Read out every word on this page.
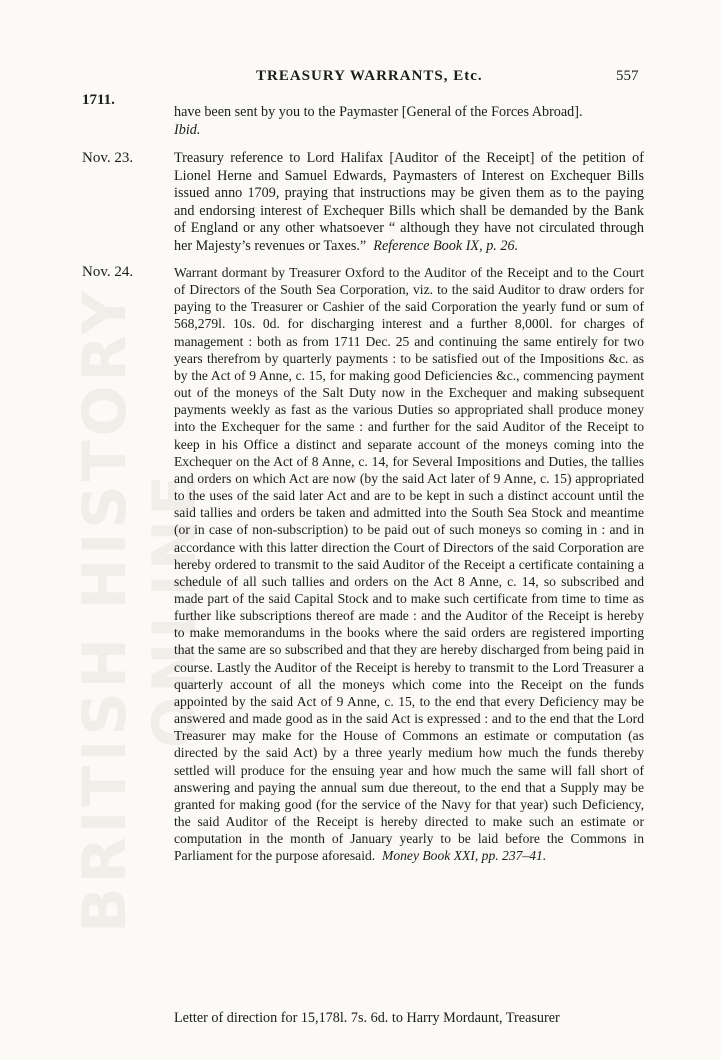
BRITISH HISTORY ONLINE
TREASURY WARRANTS, Etc.	557
1711.

have been sent by you to the Paymaster [General of the Forces Abroad].
Ibid.

Nov. 23.	Treasury reference to Lord Halifax [Auditor of the Receipt] of the petition of Lionel Herne and Samuel Edwards, Paymasters of Interest on Exchequer Bills issued anno 1709, praying that instructions may be given them as to the paying and endorsing interest of Exchequer Bills which shall be demanded by the Bank of England or any other whatsoever “ although they have not circulated through her Majesty’s revenues or Taxes.” Reference Book IX, p. 26.

Nov. 24.	Warrant dormant by Treasurer Oxford to the Auditor of the Receipt and to the Court of Directors of the South Sea Corporation, viz. to the said Auditor to draw orders for paying to the Treasurer or Cashier of the said Corporation the yearly fund or sum of 568,279l. 10s. 0d. for discharging interest and a further 8,000l. for charges of management : both as from 1711 Dec. 25 and continuing the same entirely for two years therefrom by quarterly payments : to be satisfied out of the Impositions &c. as by the Act of 9 Anne, c. 15, for making good Deficiencies &c., commencing payment out of the moneys of the Salt Duty now in the Exchequer and making subsequent payments weekly as fast as the various Duties so appropriated shall produce money into the Exchequer for the same : and further for the said Auditor of the Receipt to keep in his Office a distinct and separate account of the moneys coming into the Exchequer on the Act of 8 Anne, c. 14, for Several Impositions and Duties, the tallies and orders on which Act are now (by the said Act later of 9 Anne, c. 15) appropriated to the uses of the said later Act and are to be kept in such a distinct account until the said tallies and orders be taken and admitted into the South Sea Stock and meantime (or in case of non-subscription) to be paid out of such moneys so coming in : and in accordance with this latter direction the Court of Directors of the said Corporation are hereby ordered to transmit to the said Auditor of the Receipt a certificate containing a schedule of all such tallies and orders on the Act 8 Anne, c. 14, so subscribed and made part of the said Capital Stock and to make such certificate from time to time as further like subscriptions thereof are made : and the Auditor of the Receipt is hereby to make memorandums in the books where the said orders are registered importing that the same are so subscribed and that they are hereby discharged from being paid in course. Lastly the Auditor of the Receipt is hereby to transmit to the Lord Treasurer a quarterly account of all the moneys which come into the Receipt on the funds appointed by the said Act of 9 Anne, c. 15, to the end that every Deficiency may be answered and made good as in the said Act is expressed : and to the end that the Lord Treasurer may make for the House of Commons an estimate or computation (as directed by the said Act) by a three yearly medium how much the funds thereby settled will produce for the ensuing year and how much the same will fall short of answering and paying the annual sum due thereout, to the end that a Supply may be granted for making good (for the service of the Navy for that year) such Deficiency, the said Auditor of the Receipt is hereby directed to make such an estimate or computation in the month of January yearly to be laid before the Commons in Parliament for the purpose aforesaid. Money Book XXI, pp. 237–41.

Letter of direction for 15,178l. 7s. 6d. to Harry Mordaunt, Treasurer
